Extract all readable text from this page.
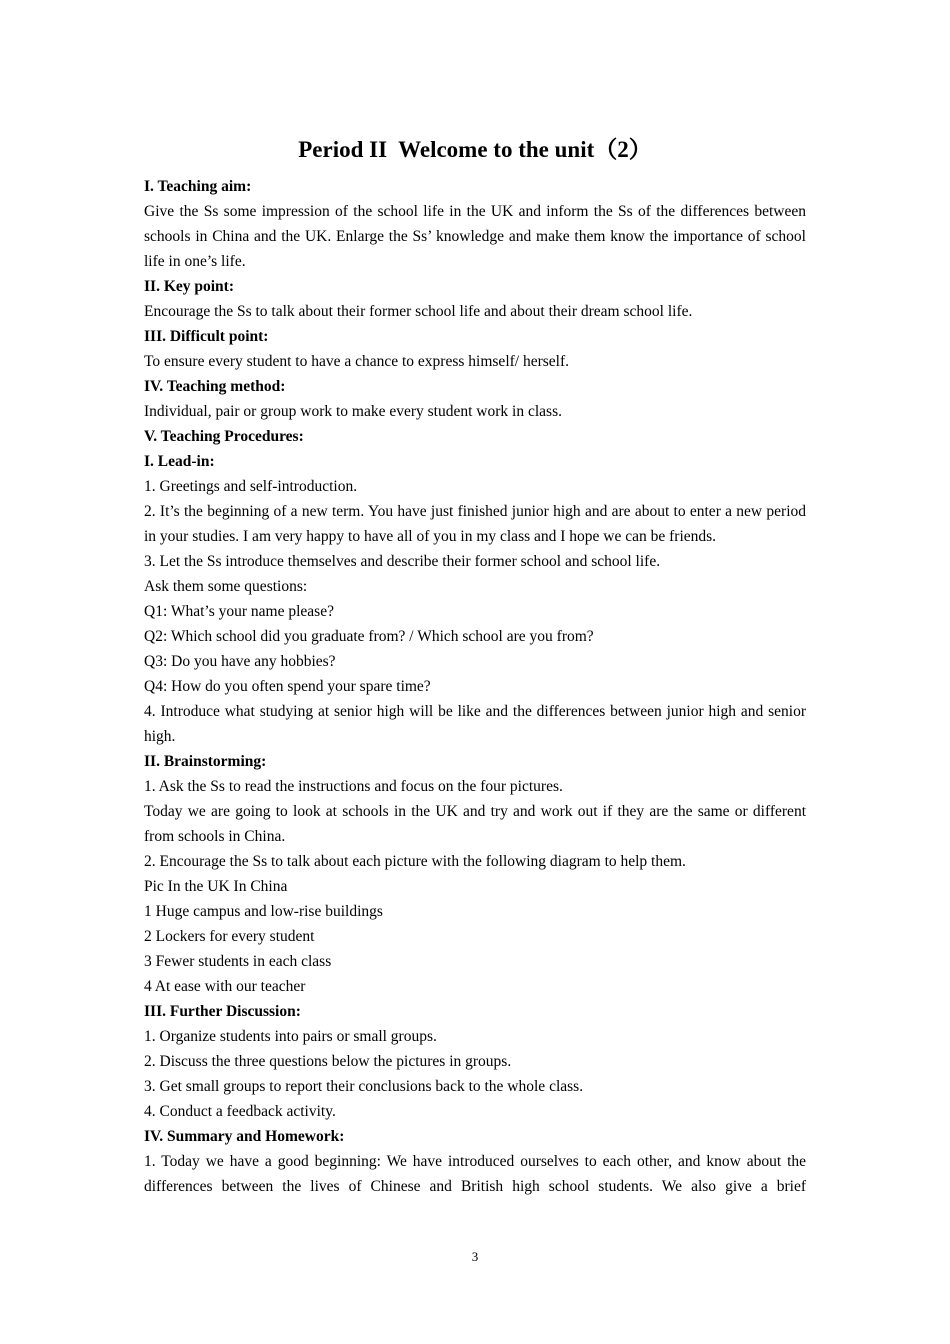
Period II  Welcome to the unit（2）

I. Teaching aim:

Give the Ss some impression of the school life in the UK and inform the Ss of the differences between schools in China and the UK. Enlarge the Ss’ knowledge and make them know the importance of school life in one’s life.

II. Key point:

Encourage the Ss to talk about their former school life and about their dream school life.

III. Difficult point:

To ensure every student to have a chance to express himself/ herself.

IV. Teaching method:

Individual, pair or group work to make every student work in class.

V. Teaching Procedures:

I. Lead-in:

1. Greetings and self-introduction.

2. It’s the beginning of a new term. You have just finished junior high and are about to enter a new period in your studies. I am very happy to have all of you in my class and I hope we can be friends.

3. Let the Ss introduce themselves and describe their former school and school life.

Ask them some questions:

Q1: What’s your name please?

Q2: Which school did you graduate from? / Which school are you from?

Q3: Do you have any hobbies?

Q4: How do you often spend your spare time?

4. Introduce what studying at senior high will be like and the differences between junior high and senior high.

II. Brainstorming:

1. Ask the Ss to read the instructions and focus on the four pictures.

Today we are going to look at schools in the UK and try and work out if they are the same or different from schools in China.

2. Encourage the Ss to talk about each picture with the following diagram to help them.

Pic In the UK In China

1 Huge campus and low-rise buildings

2 Lockers for every student

3 Fewer students in each class

4 At ease with our teacher

III. Further Discussion:

1. Organize students into pairs or small groups.

2. Discuss the three questions below the pictures in groups.

3. Get small groups to report their conclusions back to the whole class.

4. Conduct a feedback activity.

IV. Summary and Homework:

1. Today we have a good beginning: We have introduced ourselves to each other, and know about the differences between the lives of Chinese and British high school students. We also give a brief

3
